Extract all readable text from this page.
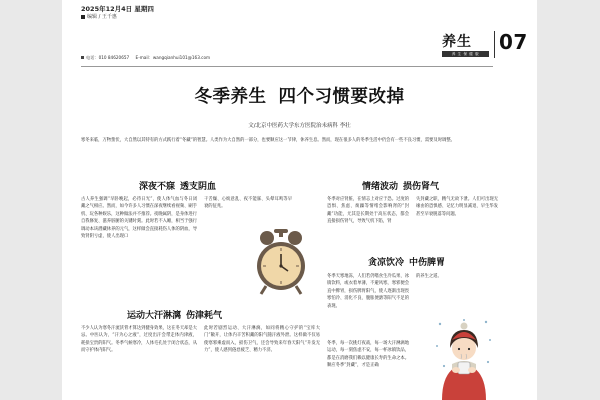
2025年12月4日 星期四
编辑 / 王千惠
电话：010 84620657 E-mail：wangqianhui101@163.com
养生
养 生 保 健 版 07
冬季养生 四个习惯要改掉
文/北京中医药大学东方医院治未病科 李壮
寒冬来临，万物蛰伏，大自然以其特有的方式践行着“冬藏”的智慧。人类作为大自然的一部分，也要顺应这一节律，休养生息。然而，现在很多人的冬季生活中仍会有一些不良习惯，需要及时调整。
深夜不寐 透支阴血
古人养生强调“早卧晚起，必待日光”，使人体气血与冬日闭藏之气相应。然而，如今许多人习惯在深夜继续看视频、刷手机、玩各种娱乐，这种做法并不推荐。夜晚属阴，是身体进行自我修复、滋养脏腑的关键时刻。此时若不入睡，相当于强行调动本该潜藏休养的元气，这样做会直接耗伤人体的阴血，导致肾阴亏虚，使人出现口
干舌燥、心烦意乱、夜不能寐、头晕耳鸣等早衰的征兆。
运动大汗淋漓 伤津耗气
不少人认为寒冬汗流浃背才算达到健身效果，这在冬天却是大忌。中医认为，“汗为心之液”，过度出汗会带走体内津液，耗损宝贵的阳气。冬季气候寒冷，人体毛孔处于闭合状态，从而守护体内阳气。
此时若剧烈运动、大汗淋漓，如同将精心守护的“宝库大门”敞开，让体内辛苦积藏的阳气随汗液外泄。这样做不仅易使寒邪乘虚而入，损伤卫气，还会导致来年春天阳气“升发无力”，使人感到倦怠疲乏、精力不济。
情绪波动 损伤肾气
冬季对应肾脏，在情志上对应于恐。过度的恐惧、焦虑、烦躁等情绪会影响肾的“封藏”功能，尤其是长期处于高压状态，都会直接损伤肾气，导致气机下陷，肾
失封藏之职，精气无故下泄。人们可出现无缘由的恐惧感、记忆力明显减退、早生华发甚至早衰脱落等问题。
贪凉饮冷 中伤脾胃
冬季天寒地冻，人们若仍嗜食生冷瓜果、冰镇饮料，或衣着单薄，不避风寒，寒邪便会直中脾胃，损伤脾胃阳气，使人逐渐出现畏寒怕冷、消化不良、腹胀便溏等阳气不足的表现。
冬季，每一次挑灯夜战，每一场大汗淋漓地运动，每一刻焦虑不安，每一杯冰镇饮品，都是在消磨我们赖以健康长寿的生命之本。顺应冬季“封藏”，才是正确
的养生之道。
